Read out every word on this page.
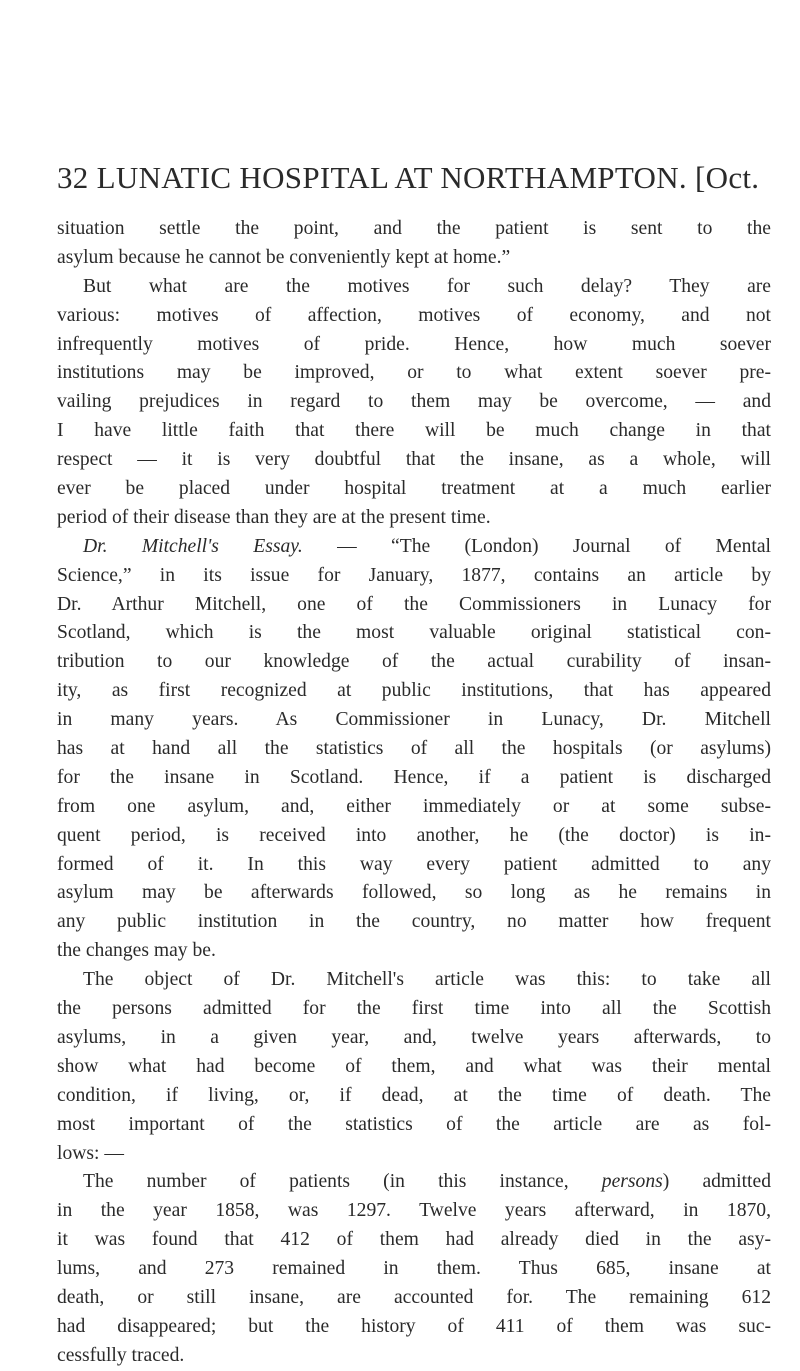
32 LUNATIC HOSPITAL AT NORTHAMPTON. [Oct.
situation settle the point, and the patient is sent to the
asylum because he cannot be conveniently kept at home.”
But what are the motives for such delay? They are
various: motives of affection, motives of economy, and not
infrequently motives of pride. Hence, how much soever
institutions may be improved, or to what extent soever pre-
vailing prejudices in regard to them may be overcome, — and
I have little faith that there will be much change in that
respect — it is very doubtful that the insane, as a whole, will
ever be placed under hospital treatment at a much earlier
period of their disease than they are at the present time.
Dr. Mitchell's Essay. — “The (London) Journal of Mental
Science,” in its issue for January, 1877, contains an article by
Dr. Arthur Mitchell, one of the Commissioners in Lunacy for
Scotland, which is the most valuable original statistical con-
tribution to our knowledge of the actual curability of insan-
ity, as first recognized at public institutions, that has appeared
in many years. As Commissioner in Lunacy, Dr. Mitchell
has at hand all the statistics of all the hospitals (or asylums)
for the insane in Scotland. Hence, if a patient is discharged
from one asylum, and, either immediately or at some subse-
quent period, is received into another, he (the doctor) is in-
formed of it. In this way every patient admitted to any
asylum may be afterwards followed, so long as he remains in
any public institution in the country, no matter how frequent
the changes may be.
The object of Dr. Mitchell's article was this: to take all
the persons admitted for the first time into all the Scottish
asylums, in a given year, and, twelve years afterwards, to
show what had become of them, and what was their mental
condition, if living, or, if dead, at the time of death. The
most important of the statistics of the article are as fol-
lows: —
The number of patients (in this instance, persons) admitted
in the year 1858, was 1297. Twelve years afterward, in 1870,
it was found that 412 of them had already died in the asy-
lums, and 273 remained in them. Thus 685, insane at
death, or still insane, are accounted for. The remaining 612
had disappeared; but the history of 411 of them was suc-
cessfully traced.
